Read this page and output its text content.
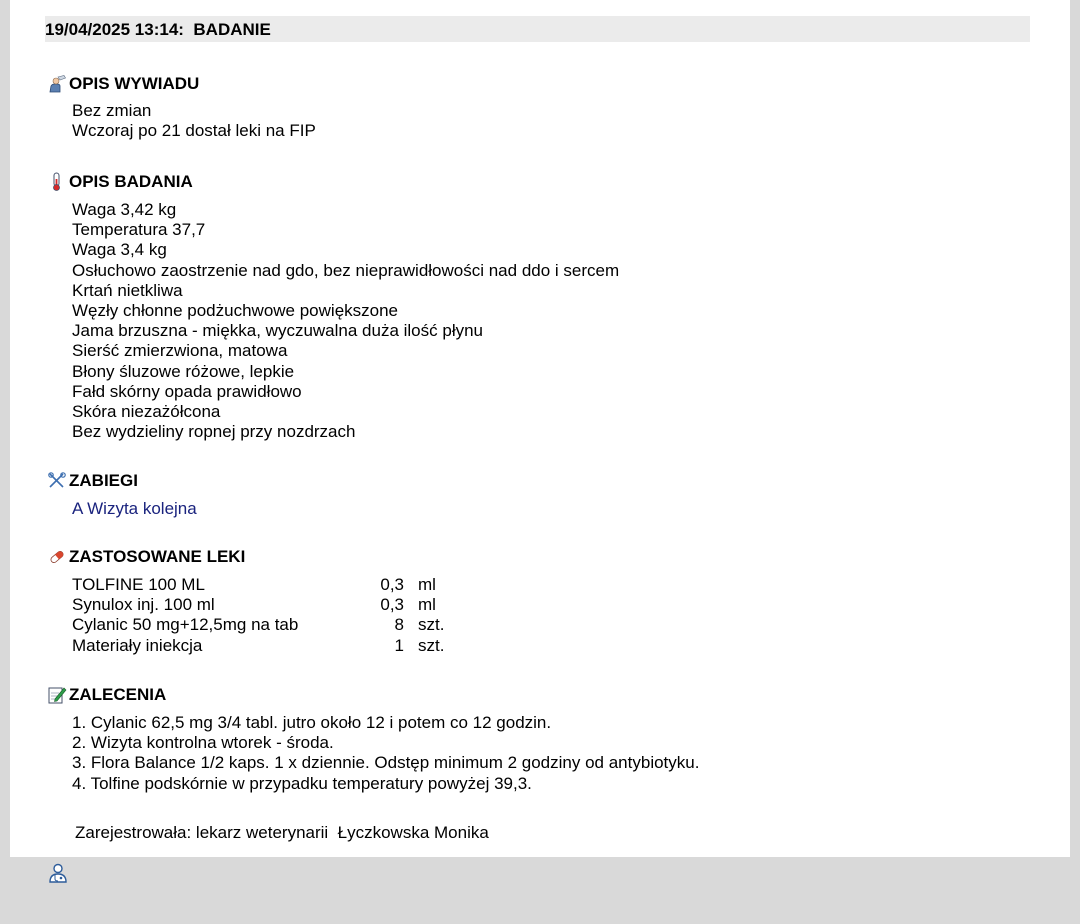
19/04/2025 13:14:  BADANIE
OPIS WYWIADU
Bez zmian
Wczoraj po 21 dostał leki na FIP
OPIS BADANIA
Waga 3,42 kg
Temperatura 37,7
Waga 3,4 kg
Osłuchowo zaostrzenie nad gdo, bez nieprawidłowości nad ddo i sercem
Krtań nietkliwa
Węzły chłonne podżuchwowe powiększone
Jama brzuszna - miękka, wyczuwalna duża ilość płynu
Sierść zmierzwiona, matowa
Błony śluzowe różowe, lepkie
Fałd skórny opada prawidłowo
Skóra niezażółcona
Bez wydzieliny ropnej przy nozdrzach
ZABIEGI
A Wizyta kolejna
ZASTOSOWANE LEKI
TOLFINE 100 ML	0,3 ml
Synulox inj. 100 ml	0,3 ml
Cylanic 50 mg+12,5mg na tab	8 szt.
Materiały iniekcja	1 szt.
ZALECENIA
1. Cylanic 62,5 mg 3/4 tabl. jutro około 12 i potem co 12 godzin.
2. Wizyta kontrolna wtorek - środa.
3. Flora Balance 1/2 kaps. 1 x dziennie. Odstęp minimum 2 godziny od antybiotyku.
4. Tolfine podskórnie w przypadku temperatury powyżej 39,3.

Zarejestrowała: lekarz weterynarii  Łyczkowska Monika
